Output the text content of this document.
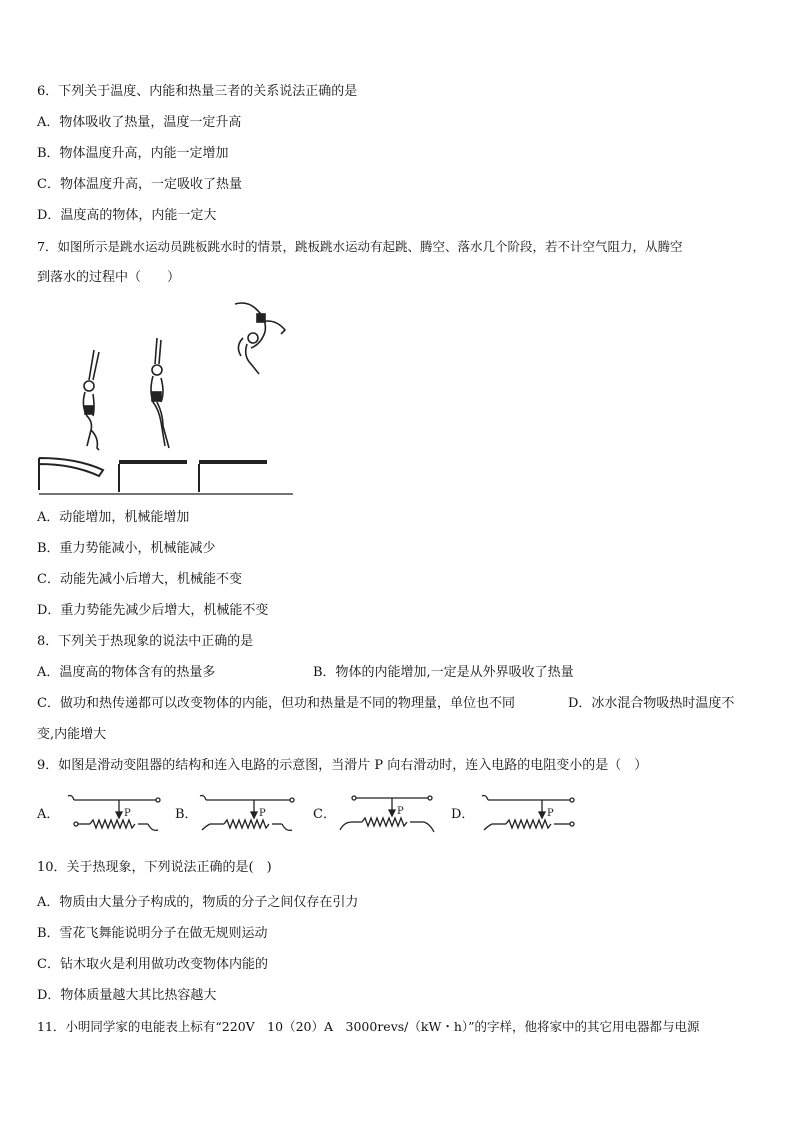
6．下列关于温度、内能和热量三者的关系说法正确的是
A．物体吸收了热量，温度一定升高
B．物体温度升高，内能一定增加
C．物体温度升高，一定吸收了热量
D．温度高的物体，内能一定大
7．如图所示是跳水运动员跳板跳水时的情景，跳板跳水运动有起跳、腾空、落水几个阶段，若不计空气阻力，从腾空
到落水的过程中（　　）
A．动能增加，机械能增加
B．重力势能减小，机械能减少
C．动能先减小后增大，机械能不变
D．重力势能先减少后增大，机械能不变
8．下列关于热现象的说法中正确的是
A．温度高的物体含有的热量多	B．物体的内能增加,一定是从外界吸收了热量
C．做功和热传递都可以改变物体的内能，但功和热量是不同的物理量，单位也不同	D．冰水混合物吸热时温度不
变,内能增大
9．如图是滑动变阻器的结构和连入电路的示意图，当滑片 P 向右滑动时，连入电路的电阻变小的是（　）
A．	P	B．	P	C．	P	D．	P
10．关于热现象，下列说法正确的是(　)
A．物质由大量分子构成的，物质的分子之间仅存在引力
B．雪花飞舞能说明分子在做无规则运动
C．钻木取火是利用做功改变物体内能的
D．物体质量越大其比热容越大
11．小明同学家的电能表上标有“220V　10（20）A　3000revs/（kW・h）”的字样，他将家中的其它用电器都与电源
